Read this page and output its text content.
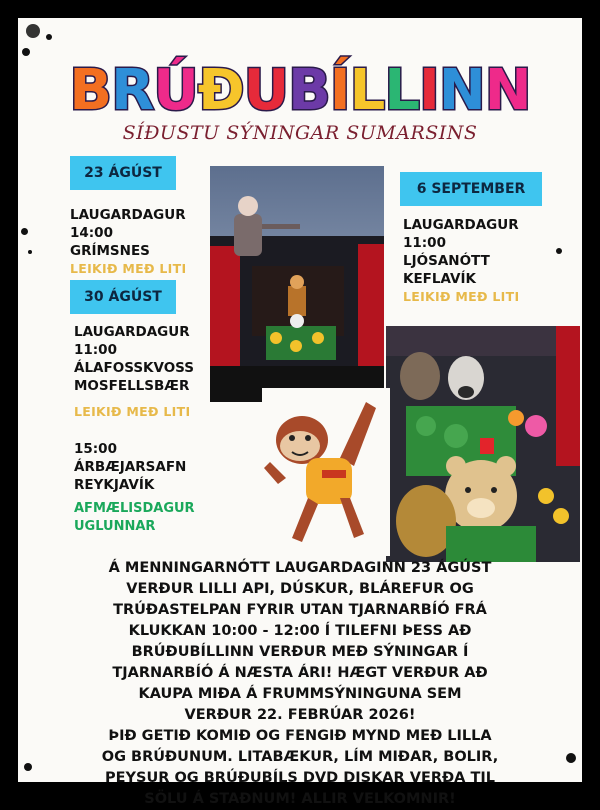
BRÚÐUBÍLLINN
SÍÐUSTU SÝNINGAR SUMARSINS
23 ÁGÚST
LAUGARDAGUR
14:00
GRÍMSNES
LEIKIÐ MEÐ LITI
30 ÁGÚST
LAUGARDAGUR
11:00
ÁLAFOSSKVOSS
MOSFELLSBÆR
LEIKIÐ MEÐ LITI
6 SEPTEMBER
LAUGARDAGUR
11:00
LJÓSANÓTT
KEFLAVÍK
LEIKIÐ MEÐ LITI
15:00
ÁRBÆJARSAFN
REYKJAVÍK
AFMÆLISDAGUR
UGLUNNAR
Á MENNINGARNÓTT LAUGARDAGINN 23 ÁGÚST
VERÐUR LILLI API, DÚSKUR, BLÁREFUR OG
TRÚÐASTELPAN FYRIR UTAN TJARNARBÍÓ FRÁ
KLUKKAN 10:00 - 12:00 Í TILEFNI ÞESS AÐ
BRÚÐUBÍLLINN VERÐUR MEÐ SÝNINGAR Í
TJARNARBÍÓ Á NÆSTA ÁRI! HÆGT VERÐUR AÐ
KAUPA MIÐA Á FRUMMSÝNINGUNA SEM
VERÐUR 22. FEBRÚAR 2026!
ÞIÐ GETIÐ KOMIÐ OG FENGIÐ MYND MEÐ LILLA
OG BRÚÐUNUM. LITABÆKUR, LÍM MIÐAR, BOLIR,
PEYSUR OG BRÚÐUBÍLS DVD DISKAR VERÐA TIL
SÖLU Á STAÐNUM! ALLIR VELKOMNIR!
